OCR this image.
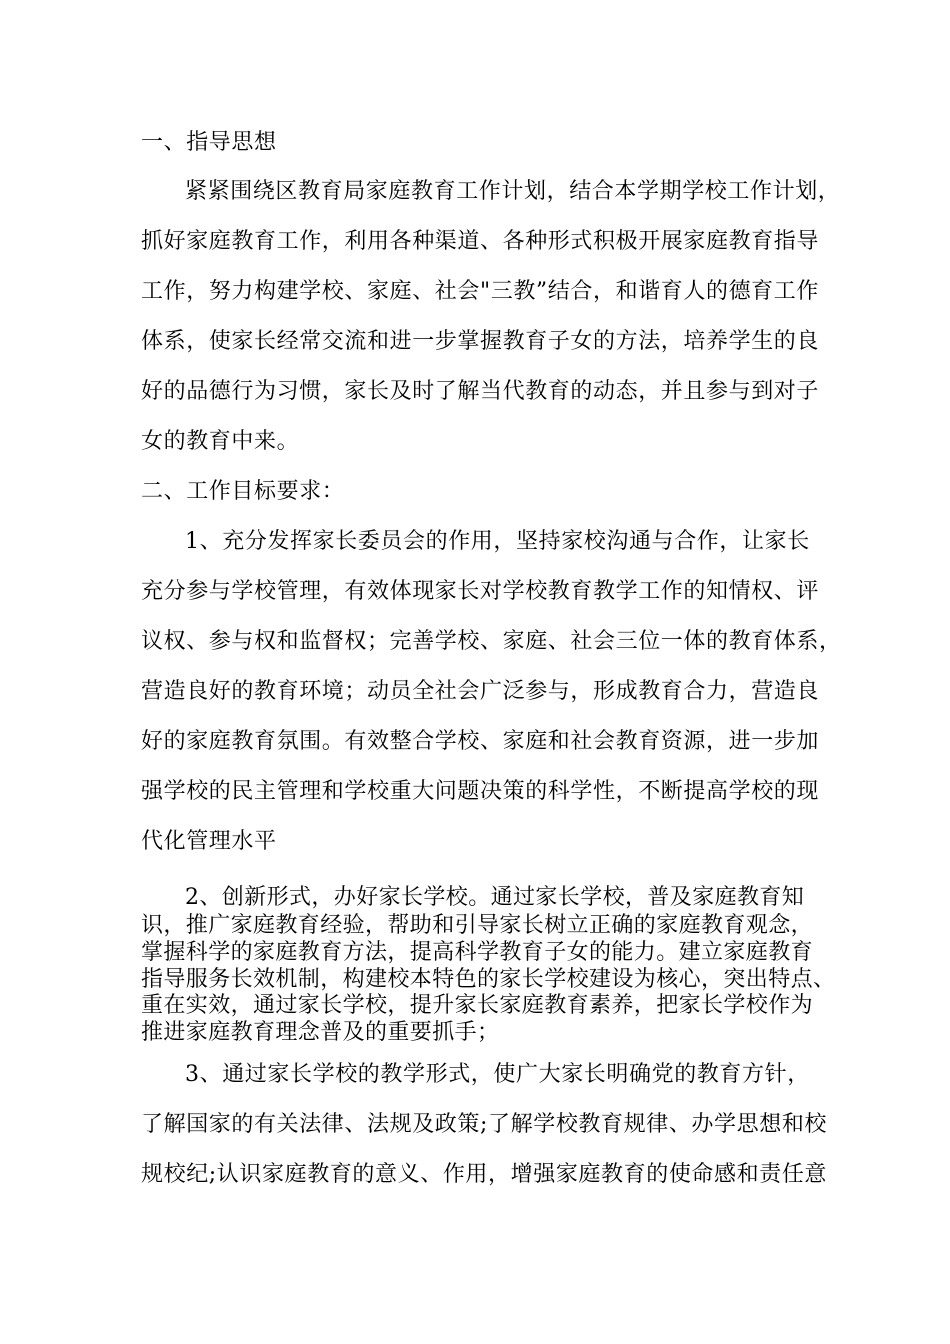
一、指导思想
紧紧围绕区教育局家庭教育工作计划，结合本学期学校工作计划，
抓好家庭教育工作，利用各种渠道、各种形式积极开展家庭教育指导
工作，努力构建学校、家庭、社会"三教”结合，和谐育人的德育工作
体系，使家长经常交流和进一步掌握教育子女的方法，培养学生的良
好的品德行为习惯，家长及时了解当代教育的动态，并且参与到对子
女的教育中来。
二、工作目标要求：
1、充分发挥家长委员会的作用，坚持家校沟通与合作，让家长
充分参与学校管理，有效体现家长对学校教育教学工作的知情权、评
议权、参与权和监督权；完善学校、家庭、社会三位一体的教育体系，
营造良好的教育环境；动员全社会广泛参与，形成教育合力，营造良
好的家庭教育氛围。有效整合学校、家庭和社会教育资源，进一步加
强学校的民主管理和学校重大问题决策的科学性，不断提高学校的现
代化管理水平
2、创新形式，办好家长学校。通过家长学校，普及家庭教育知
识，推广家庭教育经验，帮助和引导家长树立正确的家庭教育观念，
掌握科学的家庭教育方法，提高科学教育子女的能力。建立家庭教育
指导服务长效机制，构建校本特色的家长学校建设为核心，突出特点、
重在实效，通过家长学校，提升家长家庭教育素养，把家长学校作为
推进家庭教育理念普及的重要抓手；
3、通过家长学校的教学形式，使广大家长明确党的教育方针，
了解国家的有关法律、法规及政策;了解学校教育规律、办学思想和校
规校纪;认识家庭教育的意义、作用，增强家庭教育的使命感和责任意
